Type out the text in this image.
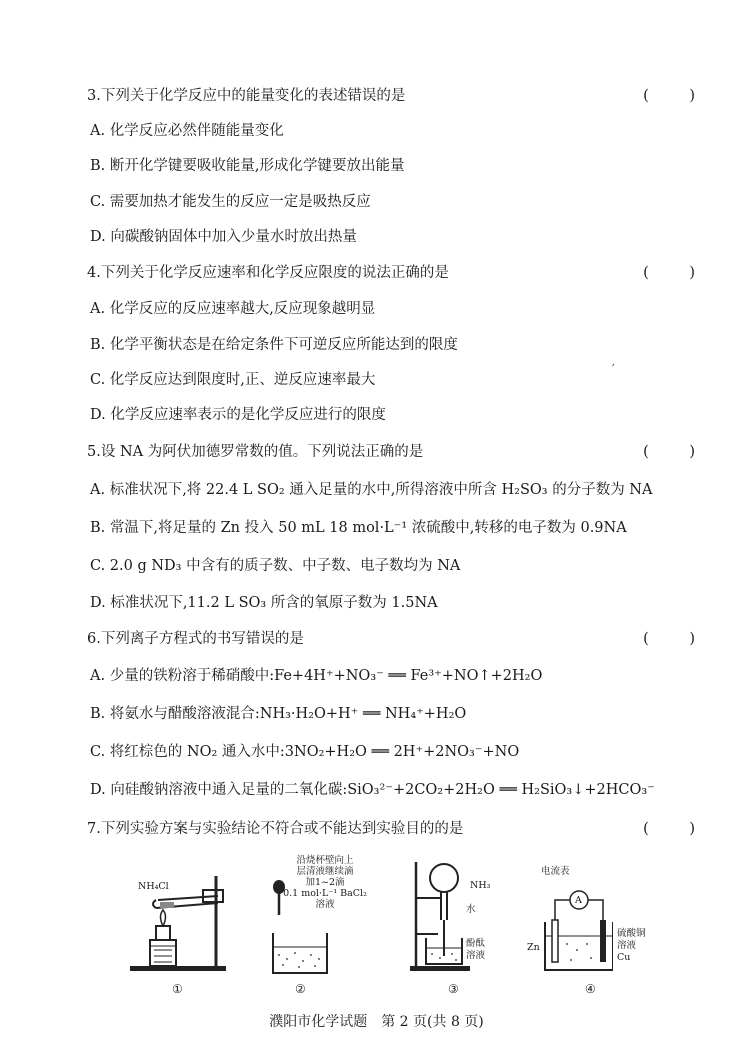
3.下列关于化学反应中的能量变化的表述错误的是	( )
A. 化学反应必然伴随能量变化
B. 断开化学键要吸收能量,形成化学键要放出能量
C. 需要加热才能发生的反应一定是吸热反应
D. 向碳酸钠固体中加入少量水时放出热量
4.下列关于化学反应速率和化学反应限度的说法正确的是	( )
A. 化学反应的反应速率越大,反应现象越明显
B. 化学平衡状态是在给定条件下可逆反应所能达到的限度
C. 化学反应达到限度时,正、逆反应速率最大
D. 化学反应速率表示的是化学反应进行的限度
′
5.设 NA 为阿伏加德罗常数的值。下列说法正确的是	( )
A. 标准状况下,将 22.4 L SO₂ 通入足量的水中,所得溶液中所含 H₂SO₃ 的分子数为 NA
B. 常温下,将足量的 Zn 投入 50 mL 18 mol·L⁻¹ 浓硫酸中,转移的电子数为 0.9NA
C. 2.0 g ND₃ 中含有的质子数、中子数、电子数均为 NA
D. 标准状况下,11.2 L SO₃ 所含的氧原子数为 1.5NA
6.下列离子方程式的书写错误的是	( )
A. 少量的铁粉溶于稀硝酸中:Fe+4H⁺+NO₃⁻ ══ Fe³⁺+NO↑+2H₂O
B. 将氨水与醋酸溶液混合:NH₃·H₂O+H⁺ ══ NH₄⁺+H₂O
C. 将红棕色的 NO₂ 通入水中:3NO₂+H₂O ══ 2H⁺+2NO₃⁻+NO
D. 向硅酸钠溶液中通入足量的二氧化碳:SiO₃²⁻+2CO₂+2H₂O ══ H₂SiO₃↓+2HCO₃⁻
7.下列实验方案与实验结论不符合或不能达到实验目的的是	( )
NH₄Cl
①
沿烧杯壁向上
层清液继续滴
加1~2滴
0.1 mol·L⁻¹ BaCl₂
溶液
②
NH₃
水
酚酞
溶液
③
电流表
A
Zn
硫酸铜
溶液
Cu
④
濮阳市化学试题　第 2 页(共 8 页)
